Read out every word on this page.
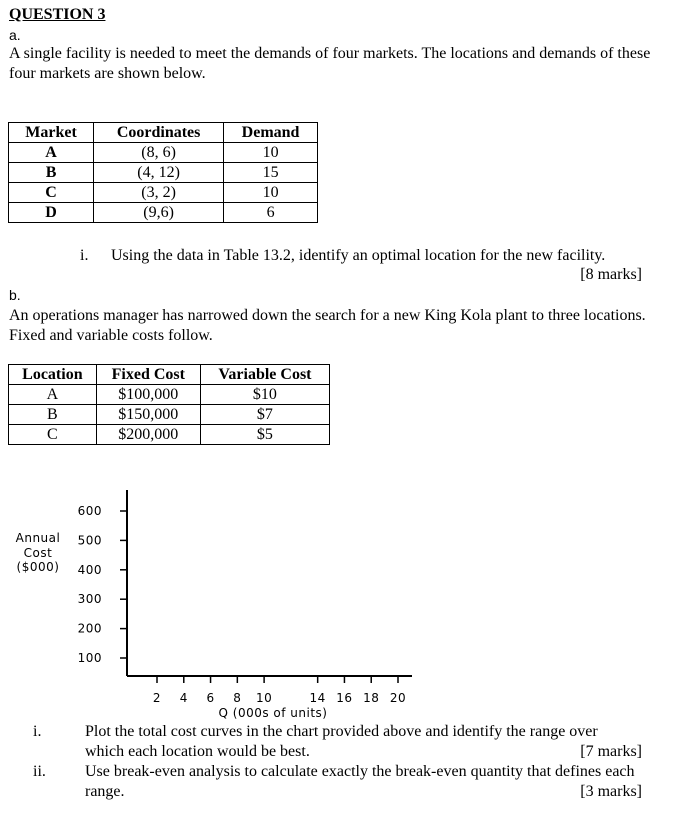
QUESTION 3
a.
A single facility is needed to meet the demands of four markets. The locations and demands of these four markets are shown below.
Market	Coordinates	Demand
A	(8, 6)	10
B	(4, 12)	15
C	(3, 2)	10
D	(9,6)	6
i. Using the data in Table 13.2, identify an optimal location for the new facility.
[8 marks]
b.
An operations manager has narrowed down the search for a new King Kola plant to three locations. Fixed and variable costs follow.
Location	Fixed Cost	Variable Cost
A	$100,000	$10
B	$150,000	$7
C	$200,000	$5
Annual
Cost
($000)
100
200
300
400
500
600
2 4 6 8 10	14 16 18 20
Q (000s of units)
i.	Plot the total cost curves in the chart provided above and identify the range over
which each location would be best.	[7 marks]
ii. Use break-even analysis to calculate exactly the break-even quantity that defines each
range.	[3 marks]
